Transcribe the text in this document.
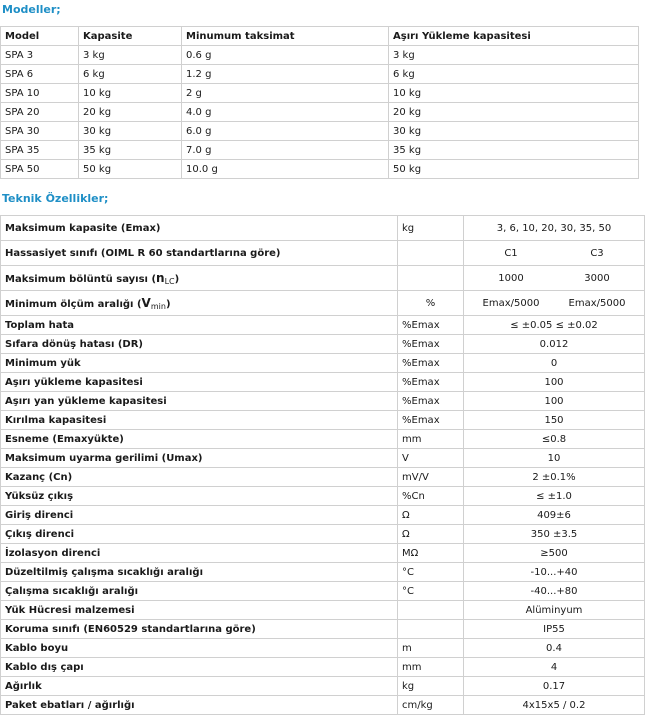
Modeller;
Model	Kapasite	Minumum taksimat	Aşırı Yükleme kapasitesi
SPA 3	3 kg	0.6 g	3 kg
SPA 6	6 kg	1.2 g	6 kg
SPA 10	10 kg	2 g	10 kg
SPA 20	20 kg	4.0 g	20 kg
SPA 30	30 kg	6.0 g	30 kg
SPA 35	35 kg	7.0 g	35 kg
SPA 50	50 kg	10.0 g	50 kg
Teknik Özellikler;
Maksimum kapasite (Emax)	kg	3, 6, 10, 20, 30, 35, 50
Hassasiyet sınıfı (OIML R 60 standartlarına göre)		C1 C3

Maksimum bölüntü sayısı $(n_{LC})$		1000 3000

Minimum ölçüm aralığı $(V_{min})$	%	Emax/5000 Emax/5000

Toplam hata	%Emax	≤ ±0.05 ≤ ±0.02
Sıfara dönüş hatası (DR)	%Emax	0.012
Minimum yük	%Emax	0
Aşırı yükleme kapasitesi	%Emax	100
Aşırı yan yükleme kapasitesi	%Emax	100
Kırılma kapasitesi	%Emax	150
Esneme (Emaxyükte)	mm	≤0.8
Maksimum uyarma gerilimi (Umax)	V	10
Kazanç (Cn)	mV/V	2 ±0.1%
Yüksüz çıkış	%Cn	≤ ±1.0
Giriş direnci	Ω	409±6
Çıkış direnci	Ω	350 ±3.5
İzolasyon direnci	MΩ	≥500
Düzeltilmiş çalışma sıcaklığı aralığı	°C	-10...+40
Çalışma sıcaklığı aralığı	°C	-40...+80
Yük Hücresi malzemesi		Alüminyum
Koruma sınıfı (EN60529 standartlarına göre)		IP55
Kablo boyu	m	0.4
Kablo dış çapı	mm	4
Ağırlık	kg	0.17
Paket ebatları / ağırlığı	cm/kg	4x15x5 / 0.2
